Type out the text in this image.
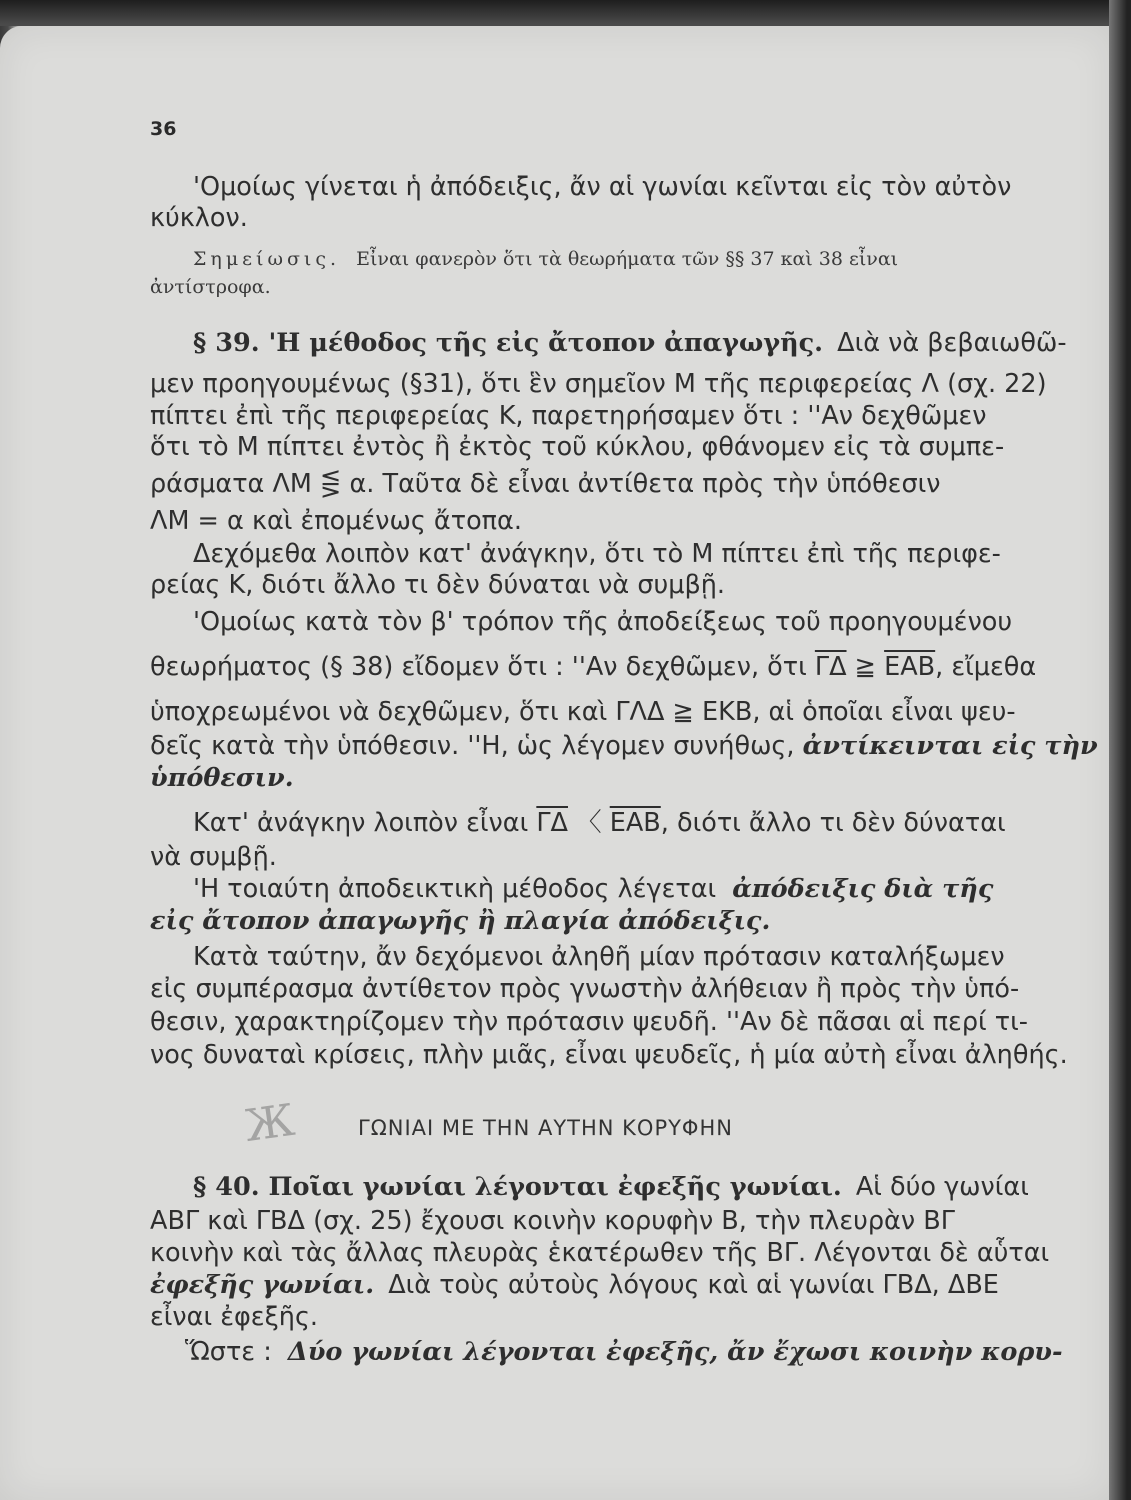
36
'Ομοίως γίνεται ἡ ἀπόδειξις, ἄν αἱ γωνίαι κεῖνται εἰς τὸν αὐτὸν
κύκλον.
Σημείωσις. Εἶναι φανερὸν ὅτι τὰ θεωρήματα τῶν §§ 37 καὶ 38 εἶναι
ἀντίστροφα.
§ 39. 'Η μέθοδος τῆς εἰς ἄτοπον ἀπαγωγῆς. Διὰ νὰ βεβαιωθῶ-
μεν προηγουμένως (§31), ὅτι ἓν σημεῖον Μ τῆς περιφερείας Λ (σχ. 22)
πίπτει ἐπὶ τῆς περιφερείας Κ, παρετηρήσαμεν ὅτι : ''Αν δεχθῶμεν
ὅτι τὸ Μ πίπτει ἐντὸς ἢ ἐκτὸς τοῦ κύκλου, φθάνομεν εἰς τὰ συμπε-
ράσματα ΛΜ ⋚ α. Ταῦτα δὲ εἶναι ἀντίθετα πρὸς τὴν ὑπόθεσιν
ΛΜ = α καὶ ἐπομένως ἄτοπα.
Δεχόμεθα λοιπὸν κατ' ἀνάγκην, ὅτι τὸ Μ πίπτει ἐπὶ τῆς περιφε-
ρείας Κ, διότι ἄλλο τι δὲν δύναται νὰ συμβῇ.
'Ομοίως κατὰ τὸν β' τρόπον τῆς ἀποδείξεως τοῦ προηγουμένου
θεωρήματος (§ 38) εἴδομεν ὅτι : ''Αν δεχθῶμεν, ὅτι $\overline{\Gamma\Delta}$ ≧ $\overline{EAB}$, εἴμεθα
ὑποχρεωμένοι νὰ δεχθῶμεν, ὅτι καὶ ΓΛΔ ≧ ΕΚΒ, αἱ ὁποῖαι εἶναι ψευ-
δεῖς κατὰ τὴν ὑπόθεσιν. ''Η, ὡς λέγομεν συνήθως, ἀντίκεινται εἰς τὴν
ὑπόθεσιν.
Κατ' ἀνάγκην λοιπὸν εἶναι $\overline{\Gamma\Delta}$ 〈 $\overline{EAB}$, διότι ἄλλο τι δὲν δύναται
νὰ συμβῇ.
'Η τοιαύτη ἀποδεικτικὴ μέθοδος λέγεται ἀπόδειξις διὰ τῆς
εἰς ἄτοπον ἀπαγωγῆς ἢ πλαγία ἀπόδειξις.
Κατὰ ταύτην, ἄν δεχόμενοι ἀληθῆ μίαν πρότασιν καταλήξωμεν
εἰς συμπέρασμα ἀντίθετον πρὸς γνωστὴν ἀλήθειαν ἢ πρὸς τὴν ὑπό-
θεσιν, χαρακτηρίζομεν τὴν πρότασιν ψευδῆ. ''Αν δὲ πᾶσαι αἱ περί τι-
νος δυναταὶ κρίσεις, πλὴν μιᾶς, εἶναι ψευδεῖς, ἡ μία αὐτὴ εἶναι ἀληθής.
ΓΩΝΙΑΙ ΜΕ ΤΗΝ ΑΥΤΗΝ ΚΟΡΥΦΗΝ
Ж
§ 40. Ποῖαι γωνίαι λέγονται ἐφεξῆς γωνίαι. Αἱ δύο γωνίαι
ΑΒΓ καὶ ΓΒΔ (σχ. 25) ἔχουσι κοινὴν κορυφὴν Β, τὴν πλευρὰν ΒΓ
κοινὴν καὶ τὰς ἄλλας πλευρὰς ἑκατέρωθεν τῆς ΒΓ. Λέγονται δὲ αὗται
ἐφεξῆς γωνίαι. Διὰ τοὺς αὐτοὺς λόγους καὶ αἱ γωνίαι ΓΒΔ, ΔΒΕ
εἶναι ἐφεξῆς.
Ὥστε : Δύο γωνίαι λέγονται ἐφεξῆς, ἄν ἔχωσι κοινὴν κορυ-
